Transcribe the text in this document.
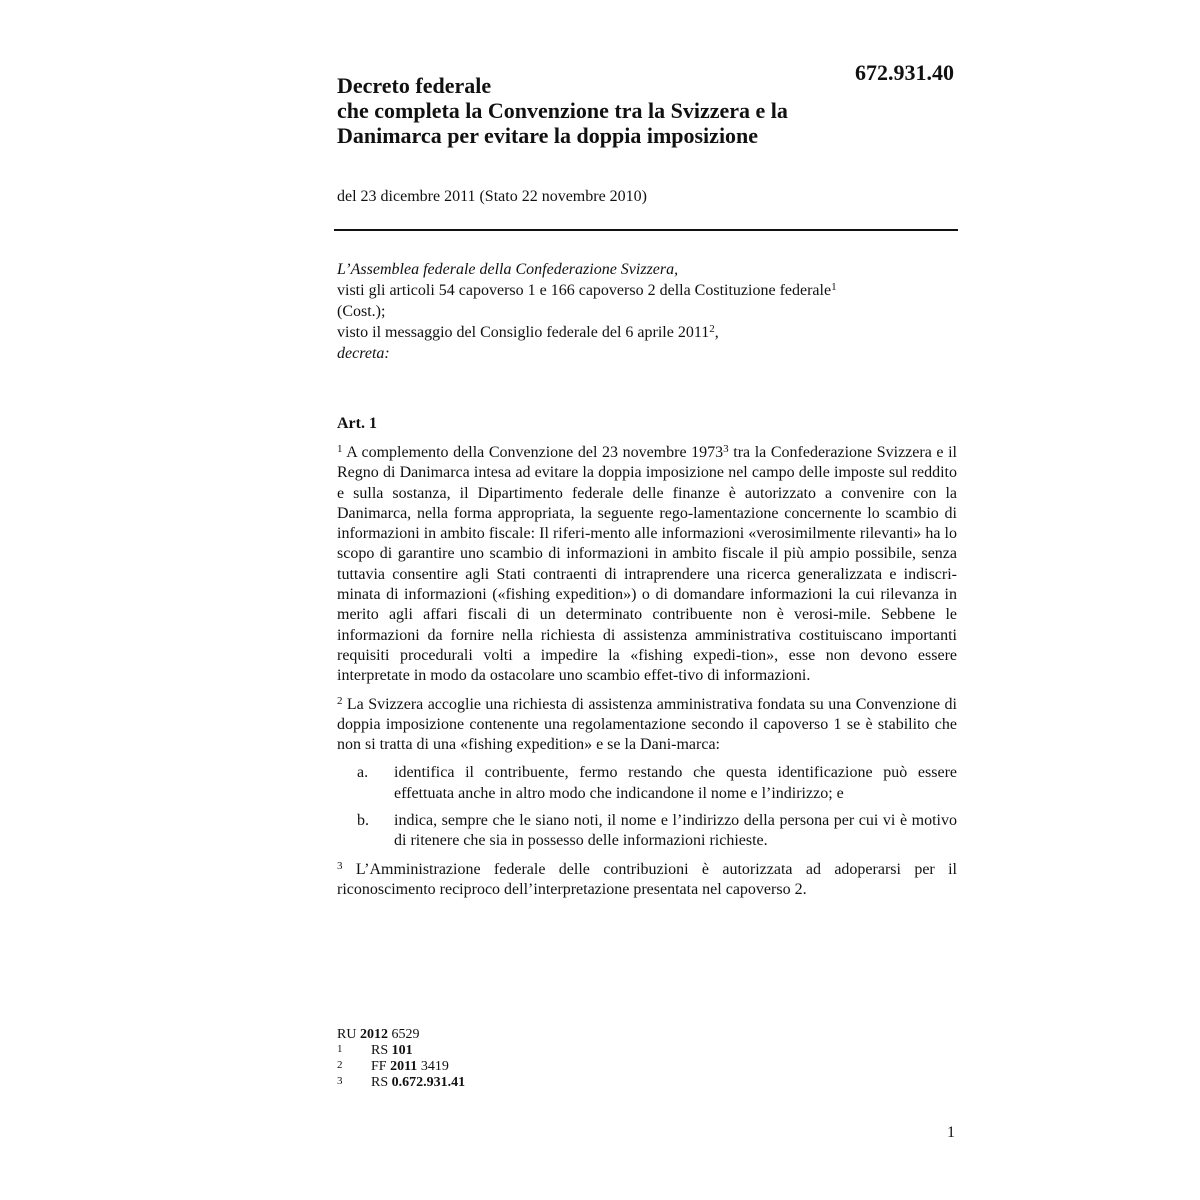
672.931.40
Decreto federale
che completa la Convenzione tra la Svizzera e la
Danimarca per evitare la doppia imposizione
del 23 dicembre 2011 (Stato 22 novembre 2010)
L’Assemblea federale della Confederazione Svizzera,
visti gli articoli 54 capoverso 1 e 166 capoverso 2 della Costituzione federale$^1$
(Cost.);
visto il messaggio del Consiglio federale del 6 aprile 2011$^2$,
decreta:
Art. 1

$^1$ A complemento della Convenzione del 23 novembre 1973$^3$ tra la Confederazione Svizzera e il Regno di Danimarca intesa ad evitare la doppia imposizione nel campo delle imposte sul reddito e sulla sostanza, il Dipartimento federale delle finanze è autorizzato a convenire con la Danimarca, nella forma appropriata, la seguente rego-lamentazione concernente lo scambio di informazioni in ambito fiscale: Il riferi-mento alle informazioni «verosimilmente rilevanti» ha lo scopo di garantire uno scambio di informazioni in ambito fiscale il più ampio possibile, senza tuttavia consentire agli Stati contraenti di intraprendere una ricerca generalizzata e indiscri-minata di informazioni («fishing expedition») o di domandare informazioni la cui rilevanza in merito agli affari fiscali di un determinato contribuente non è verosi-mile. Sebbene le informazioni da fornire nella richiesta di assistenza amministrativa costituiscano importanti requisiti procedurali volti a impedire la «fishing expedi-tion», esse non devono essere interpretate in modo da ostacolare uno scambio effet-tivo di informazioni.

$^2$ La Svizzera accoglie una richiesta di assistenza amministrativa fondata su una Convenzione di doppia imposizione contenente una regolamentazione secondo il capoverso 1 se è stabilito che non si tratta di una «fishing expedition» e se la Dani-marca:

a.	identifica il contribuente, fermo restando che questa identificazione può essere effettuata anche in altro modo che indicandone il nome e l’indirizzo; e
b.	indica, sempre che le siano noti, il nome e l’indirizzo della persona per cui vi è motivo di ritenere che sia in possesso delle informazioni richieste.

$^3$ L’Amministrazione federale delle contribuzioni è autorizzata ad adoperarsi per il riconoscimento reciproco dell’interpretazione presentata nel capoverso 2.

RU 2012 6529
1	RS 101
2	FF 2011 3419
3	RS 0.672.931.41
1
